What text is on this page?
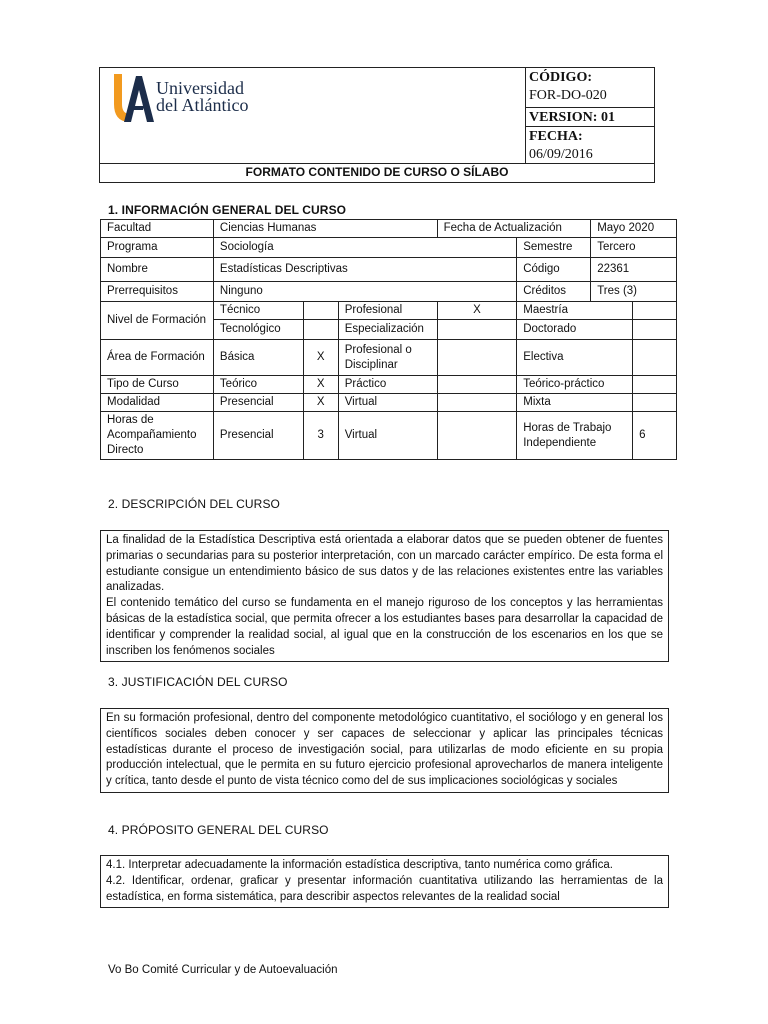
Universidad
del Atlántico
CÓDIGO:
FOR-DO-020
VERSION: 01
FECHA:
06/09/2016
FORMATO CONTENIDO DE CURSO O SÍLABO
1. INFORMACIÓN GENERAL DEL CURSO
Facultad	Ciencias Humanas			Fecha de Actualización		Mayo 2020	
Programa	Sociología				Semestre	Tercero	
Nombre	Estadísticas Descriptivas				Código	22361	
Prerrequisitos	Ninguno				Créditos	Tres (3)	
Nivel de Formación	Técnico		Profesional	X	Maestría		
	Tecnológico		Especialización		Doctorado		
Área de Formación	Básica	X	Profesional o Disciplinar		Electiva		
Tipo de Curso	Teórico	X	Práctico		Teórico-práctico		
Modalidad	Presencial	X	Virtual		Mixta		
Horas de Acompañamiento Directo	Presencial	3	Virtual		Horas de Trabajo Independiente		6
2. DESCRIPCIÓN DEL CURSO

La finalidad de la Estadística Descriptiva está orientada a elaborar datos que se pueden obtener de fuentes primarias o secundarias para su posterior interpretación, con un marcado carácter empírico. De esta forma el estudiante consigue un entendimiento básico de sus datos y de las relaciones existentes entre las variables analizadas.

El contenido temático del curso se fundamenta en el manejo riguroso de los conceptos y las herramientas básicas de la estadística social, que permita ofrecer a los estudiantes bases para desarrollar la capacidad de identificar y comprender la realidad social, al igual que en la construcción de los escenarios en los que se inscriben los fenómenos sociales

3. JUSTIFICACIÓN DEL CURSO

En su formación profesional, dentro del componente metodológico cuantitativo, el sociólogo y en general los científicos sociales deben conocer y ser capaces de seleccionar y aplicar las principales técnicas estadísticas durante el proceso de investigación social, para utilizarlas de modo eficiente en su propia producción intelectual, que le permita en su futuro ejercicio profesional aprovecharlos de manera inteligente y crítica, tanto desde el punto de vista técnico como del de sus implicaciones sociológicas y sociales

4. PRÓPOSITO GENERAL DEL CURSO

4.1. Interpretar adecuadamente la información estadística descriptiva, tanto numérica como gráfica.

4.2. Identificar, ordenar, graficar y presentar información cuantitativa utilizando las herramientas de la estadística, en forma sistemática, para describir aspectos relevantes de la realidad social

Vo Bo Comité Curricular y de Autoevaluación
